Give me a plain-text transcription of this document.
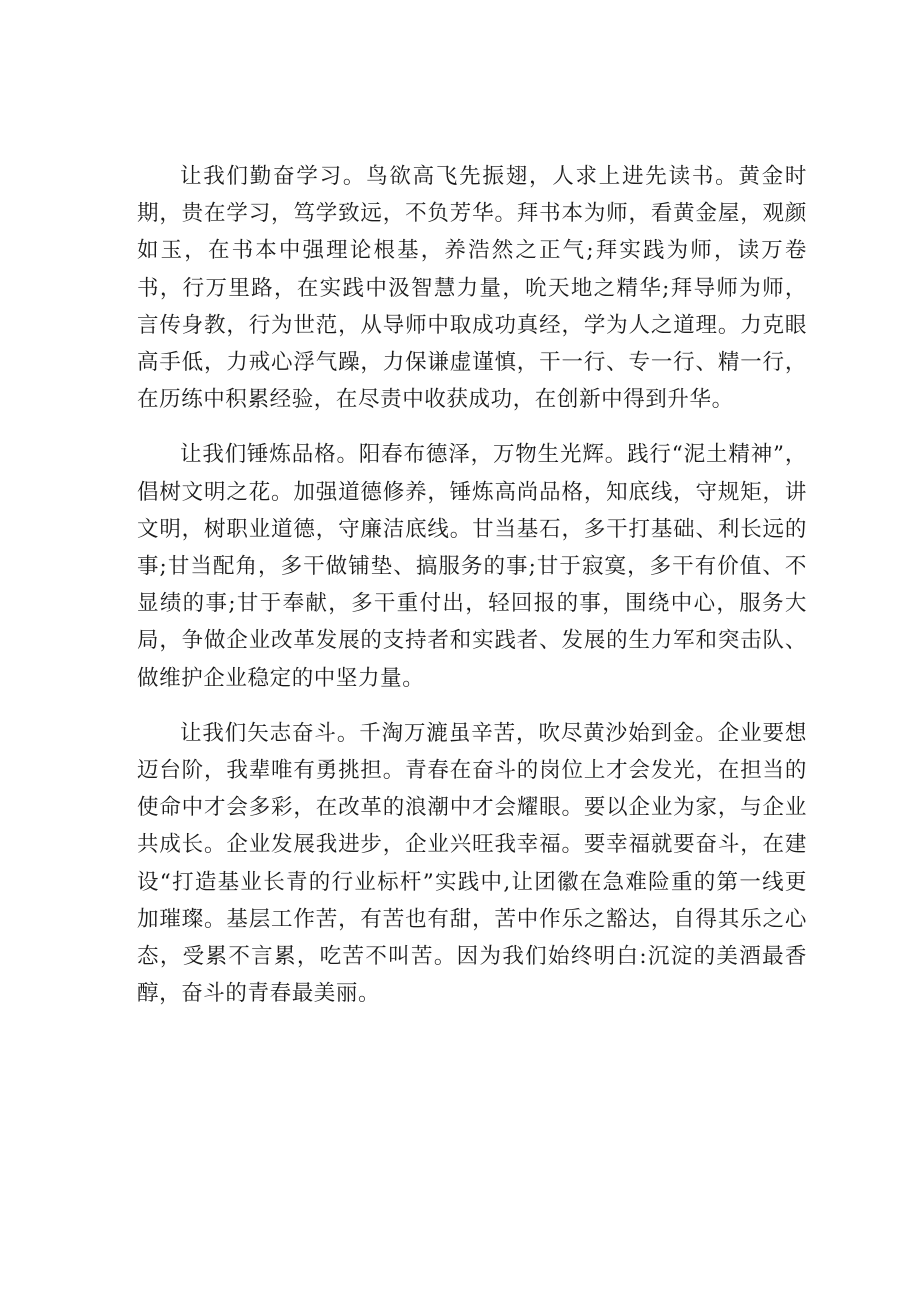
让我们勤奋学习。鸟欲高飞先振翅，人求上进先读书。黄金时期，贵在学习，笃学致远，不负芳华。拜书本为师，看黄金屋，观颜如玉，在书本中强理论根基，养浩然之正气;拜实践为师，读万卷书，行万里路，在实践中汲智慧力量，吮天地之精华;拜导师为师，言传身教，行为世范，从导师中取成功真经，学为人之道理。力克眼高手低，力戒心浮气躁，力保谦虚谨慎，干一行、专一行、精一行，在历练中积累经验，在尽责中收获成功，在创新中得到升华。

让我们锤炼品格。阳春布德泽，万物生光辉。践行“泥土精神”，倡树文明之花。加强道德修养，锤炼高尚品格，知底线，守规矩，讲文明，树职业道德，守廉洁底线。甘当基石，多干打基础、利长远的事;甘当配角，多干做铺垫、搞服务的事;甘于寂寞，多干有价值、不显绩的事;甘于奉献，多干重付出，轻回报的事，围绕中心，服务大局，争做企业改革发展的支持者和实践者、发展的生力军和突击队、做维护企业稳定的中坚力量。

让我们矢志奋斗。千淘万漉虽辛苦，吹尽黄沙始到金。企业要想迈台阶，我辈唯有勇挑担。青春在奋斗的岗位上才会发光，在担当的使命中才会多彩，在改革的浪潮中才会耀眼。要以企业为家，与企业共成长。企业发展我进步，企业兴旺我幸福。要幸福就要奋斗，在建设“打造基业长青的行业标杆”实践中,让团徽在急难险重的第一线更加璀璨。基层工作苦，有苦也有甜，苦中作乐之豁达，自得其乐之心态，受累不言累，吃苦不叫苦。因为我们始终明白:沉淀的美酒最香醇，奋斗的青春最美丽。
